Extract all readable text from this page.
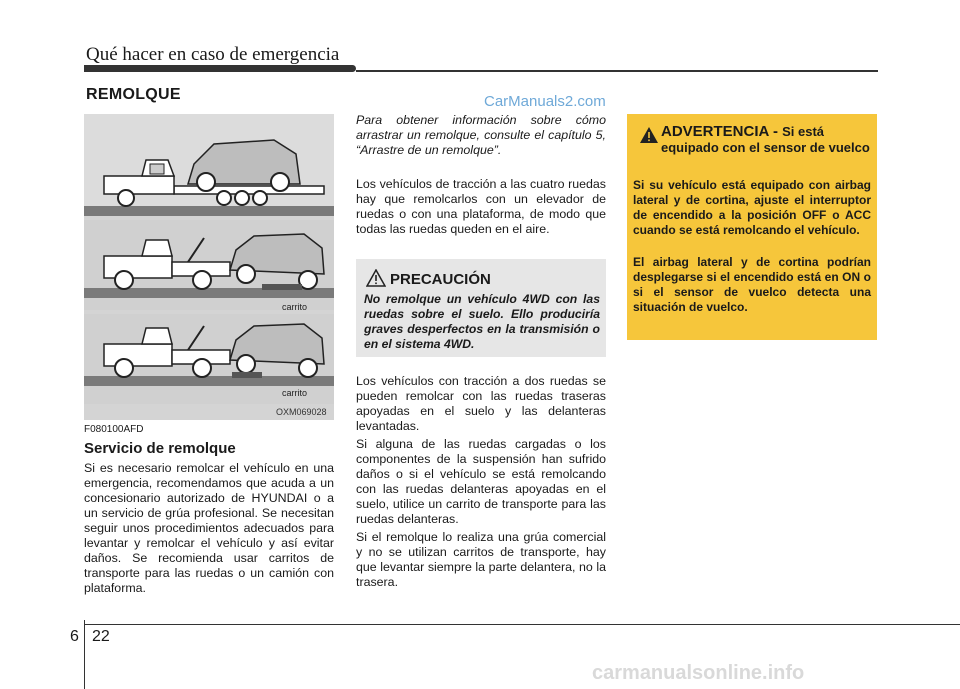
Qué hacer en caso de emergencia
REMOLQUE	CarManuals2.com
carrito
carrito
OXM069028
F080100AFD
Servicio de remolque

Si es necesario remolcar el vehículo en una emergencia, recomendamos que acuda a un concesionario autorizado de HYUNDAI o a un servicio de grúa profesional. Se necesitan seguir unos procedimientos adecuados para levantar y remolcar el vehículo y así evitar daños. Se recomienda usar carritos de transporte para las ruedas o un camión con plataforma.

Para obtener información sobre cómo arrastrar un remolque, consulte el capítulo 5, “Arrastre de un remolque”.

Los vehículos de tracción a las cuatro ruedas hay que remolcarlos con un elevador de ruedas o con una plataforma, de modo que todas las ruedas queden en el aire.

PRECAUCIÓN

No remolque un vehículo 4WD con las ruedas sobre el suelo. Ello produciría graves desperfectos en la transmisión o en el sistema 4WD.

Los vehículos con tracción a dos ruedas se pueden remolcar con las ruedas traseras apoyadas en el suelo y las delanteras levantadas.

Si alguna de las ruedas cargadas o los componentes de la suspensión han sufrido daños o si el vehículo se está remolcando con las ruedas delanteras apoyadas en el suelo, utilice un carrito de transporte para las ruedas delanteras.

Si el remolque lo realiza una grúa comercial y no se utilizan carritos de transporte, hay que levantar siempre la parte delantera, no la trasera.

ADVERTENCIA - Si está equipado con el sensor de vuelco

Si su vehículo está equipado con airbag lateral y de cortina, ajuste el interruptor de encendido a la posición OFF o ACC cuando se está remolcando el vehículo.

El airbag lateral y de cortina podrían desplegarse si el encendido está en ON o si el sensor de vuelco detecta una situación de vuelco.

6 22
carmanualsonline.info
